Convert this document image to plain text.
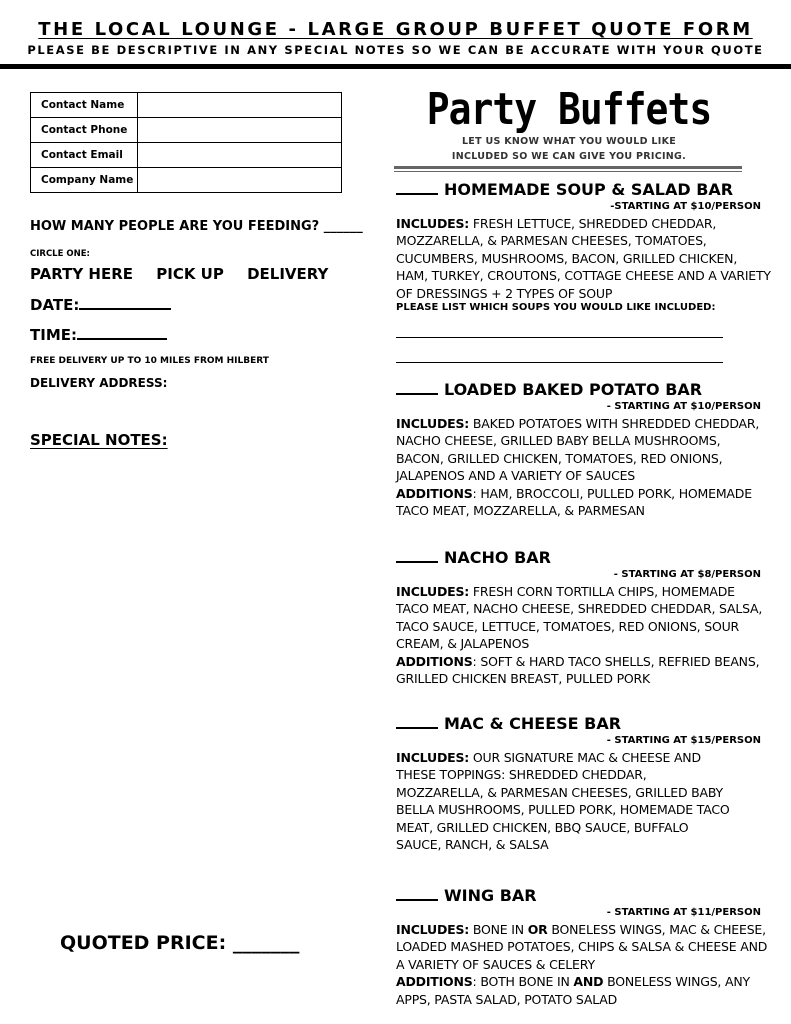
THE LOCAL LOUNGE - LARGE GROUP BUFFET QUOTE FORM
PLEASE BE DESCRIPTIVE IN ANY SPECIAL NOTES SO WE CAN BE ACCURATE WITH YOUR QUOTE
Contact Name	
Contact Phone	
Contact Email	
Company Name	
HOW MANY PEOPLE ARE YOU FEEDING? ______
CIRCLE ONE:
PARTY HERE PICK UP DELIVERY
DATE:
TIME:
FREE DELIVERY UP TO 10 MILES FROM HILBERT
DELIVERY ADDRESS:
SPECIAL NOTES:
QUOTED PRICE: _______
Party Buffets
LET US KNOW WHAT YOU WOULD LIKE
INCLUDED SO WE CAN GIVE YOU PRICING.
HOMEMADE SOUP & SALAD BAR
-STARTING AT $10/PERSON
INCLUDES: FRESH LETTUCE, SHREDDED CHEDDAR, MOZZARELLA, & PARMESAN CHEESES, TOMATOES, CUCUMBERS, MUSHROOMS, BACON, GRILLED CHICKEN, HAM, TURKEY, CROUTONS, COTTAGE CHEESE AND A VARIETY OF DRESSINGS + 2 TYPES OF SOUP
PLEASE LIST WHICH SOUPS YOU WOULD LIKE INCLUDED:
LOADED BAKED POTATO BAR
- STARTING AT $10/PERSON
INCLUDES: BAKED POTATOES WITH SHREDDED CHEDDAR, NACHO CHEESE, GRILLED BABY BELLA MUSHROOMS, BACON, GRILLED CHICKEN, TOMATOES, RED ONIONS, JALAPENOS AND A VARIETY OF SAUCES
ADDITIONS: HAM, BROCCOLI, PULLED PORK, HOMEMADE TACO MEAT, MOZZARELLA, & PARMESAN
NACHO BAR
- STARTING AT $8/PERSON
INCLUDES: FRESH CORN TORTILLA CHIPS, HOMEMADE TACO MEAT, NACHO CHEESE, SHREDDED CHEDDAR, SALSA, TACO SAUCE, LETTUCE, TOMATOES, RED ONIONS, SOUR CREAM, & JALAPENOS
ADDITIONS: SOFT & HARD TACO SHELLS, REFRIED BEANS, GRILLED CHICKEN BREAST, PULLED PORK
MAC & CHEESE BAR
- STARTING AT $15/PERSON
INCLUDES: OUR SIGNATURE MAC & CHEESE AND THESE TOPPINGS: SHREDDED CHEDDAR, MOZZARELLA, & PARMESAN CHEESES, GRILLED BABY BELLA MUSHROOMS, PULLED PORK, HOMEMADE TACO MEAT, GRILLED CHICKEN, BBQ SAUCE, BUFFALO SAUCE, RANCH, & SALSA
WING BAR
- STARTING AT $11/PERSON
INCLUDES: BONE IN OR BONELESS WINGS, MAC & CHEESE, LOADED MASHED POTATOES, CHIPS & SALSA & CHEESE AND A VARIETY OF SAUCES & CELERY
ADDITIONS: BOTH BONE IN AND BONELESS WINGS, ANY APPS, PASTA SALAD, POTATO SALAD
